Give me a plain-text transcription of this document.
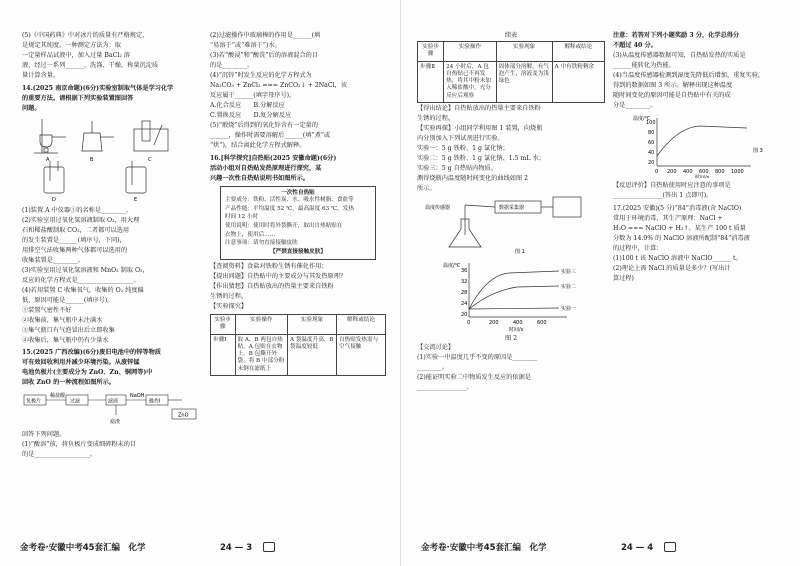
(5)《中国药典》中对冰片的质量有严格规定，
是规定其纯度。一种测定方法为：取
一定量样品试液中，加入过量 BaCl₂ 溶
液，经过一系列______、洗涤、干燥，称量沉淀质
量计算含量。
14.(2025 南京命题)(6分)实验室制取气体是学习化学
的重要方法。请根据下列实验装置图回答
问题。
A	B	C
D	E
(1)装置 A 中仪器①的名称是________。
(2)实验室用过氧化氢溶液制取 O₂，用大理
石和稀盐酸制取 CO₂，二者都可以选用
的发生装置是______(填序号，下同)，
用排空气法收集两种气体都可以选用的
收集装置是________。
(3)实验室用过氧化氢溶液和 MnO₂ 制取 O₂，
反应的化学方程式是__________________。
(4)若用装置 C 收集氧气，收集的 O₂ 纯度偏
低，原因可能是______(填序号)。
①装置气密性不好
②收集前，集气瓶中未注满水
③集气瓶口有气泡冒出后立即收集
④收集后，集气瓶中仍有少量水
15.(2025 广西改编)(6分)废旧电池中的锌等物质
可有效回收利用并减少环境污染。从废锌锰
电池负极片(主要成分为 ZnO、Zn、铜网等)中
回收 ZnO 的一种流程如图所示。
负极片
稀盐酸
过滤	滤液
滤渣
NaOH
操作Ⅰ
ZnO
回答下列问题。
(1)“酸溶”前，将负极片变成细碎粉末的目
的是__________________。
(2)过滤操作中玻璃棒的作用是______(填
“易溶于”或“难溶于”)水。
(3)若“酸浸”和“酸洗”后的溶液混合的目
的是________。
(4)“沉锌”时发生反应的化学方程式为
Na₂CO₃ + ZnCl₂ === ZnCO₃↓ + 2NaCl，该
反应属于______(填字母序号)。
A.化合反应　　B.分解反应
C.置换反应　　D.复分解反应
(5)“煅烧”后得到的氧化锌含有一定量的
______，操作时需要溶解后______(填“煮”或
“烘”)，结合离此化学方程式解释。
16.[科学探究]自热贴(2025 安徽命题)(6分)
活动小组对自热贴发热原理进行探究，某
兴趣一次性自热贴说明书如图所示。
一次性自热贴
主要成分：铁粉、活性炭、水、吸水性树脂、食盐等
产品性能：平均温度 52 ℃，最高温度 63 ℃，发热
时间 12 小时
使用说明：使用时将外袋撕开，取出自热贴贴在
衣物上，使用后……
注意事项：请勿直接接触皮肤
【严禁直接接触皮肤】
【查阅资料】食盐对铁粉生锈有催化作用；
【提出问题】自热贴中的主要成分与其发热原理？
【作出猜想】自热贴放出的热量主要来自铁粉
生锈的过程。
【实验探究】
实验步骤	实验操作	实验现象	解释或结论
步骤Ⅰ	取 A、B 两包自热贴，A 包贴在衣物上，B 包撕开外袋，将 B 中部分粉末倒在滤纸上	A 袋温度升高，B 袋温度较低	自热贴发热需与空气接触
金考卷·安徽中考45套汇编　化学	24 — 3
续表
实验步骤	实验操作	实验现象	解释或结论
步骤Ⅱ	24 小时后，A 包自热贴已不再发热，将其中粉末加入稀盐酸中，充分反应后观察	固体部分溶解，有气泡产生，溶液变为浅绿色	A 中有铁粉剩余
【得出结论】自热贴放出的热量主要来自铁粉
生锈的过程。
【实验再探】小组同学利用图 1 装置，向烧瓶
内分别加入下列试剂进行实验。
实验一：5 g 铁粉、1 g 氯化钠；
实验二：5 g 铁粉、1 g 氯化钠、1.5 mL 水；
实验三：5 g 自热贴内物质。
测得烧瓶内温度随时间变化的曲线如图 2
所示。
温度传感器	数据采集器
图 1

温度/℃
36
32
28
24
20
0	200	400	600
时间/s
实验三
实验二
实验一
图 2
【交流讨论】
(1)实验一中温度几乎不变的原因是________
________。
(2)能证明实验二中物质发生反应的依据是
________________。
注意：若答对下列小题奖励 3 分，化学总得分
不超过 40 分。
(3)从温度传感器数据可知，自热贴发热的实质是
______能转化为热能。
(4)当温度传感器检测到湿度先降低后增加，重复实验，
得到的数据如图 3 所示。解释出现这种温度
随时间变化的原因可能是自热贴中有关的成
分是________。
温度/℃
100
80
60
40
20
0 200 400 600 800 1000
时间/s
图 3
【反思评价】自热贴使用时应注意的事项是
________________(答出 1 点即可)。
17.(2025 安徽)(5 分)“84”消毒液(含 NaClO)
常用于环境消毒，其生产原理：NaCl +
H₂O === NaClO + H₂↑。某生产 100 t 质量
分数为 14.9% 的 NaClO 溶液所配制“84”消毒液
的过程中，计算：
(1)100 t 该 NaClO 溶液中 NaClO______ t。
(2)理论上需 NaCl 的质量是多少？(写出计
算过程)
金考卷·安徽中考45套汇编　化学	24 — 4
